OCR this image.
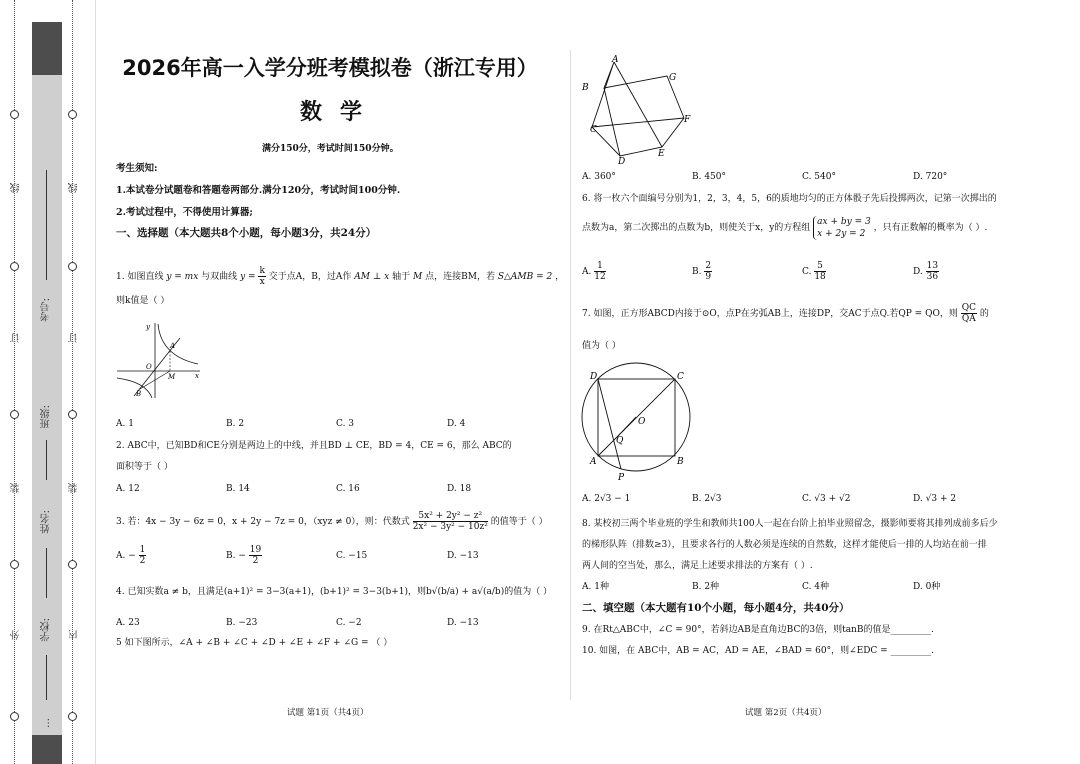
线
订
装
外
线
订
装
内
考号:
班级:
姓名:
学校:
…
2026年高一入学分班考模拟卷（浙江专用）
数学
满分150分，考试时间150分钟。
考生须知:
1.本试卷分试题卷和答题卷两部分.满分120分，考试时间100分钟.
2.考试过程中，不得使用计算器;
一、选择题（本大题共8个小题，每小题3分，共24分）
1. 如图直线 y = mx 与双曲线 $y = \frac{k}{x}$ 交于点A，B，过A作 AM ⊥ x 轴于 M 点，连接BM，若 S△AMB = 2 ，
则k值是（ ）
y
A
O
M	x
B
A. 1	B. 2	C. 3	D. 4
2. ABC中，已知BD和CE分别是两边上的中线，并且BD ⊥ CE，BD = 4，CE = 6，那么 ABC的
面积等于（ ）
A. 12	B. 14	C. 16	D. 18
3. 若：4x − 3y − 6z = 0，x + 2y − 7z = 0，（xyz ≠ 0），则：代数式 $\frac{\text{5x² + 2y² − z²}}{\text{2x² − 3y² − 10z²}}$ 的值等于（ ）
A. − $\frac{1}{2}$	B. − $\frac{19}{2}$	C. −15	D. −13
4. 已知实数a ≠ b，且满足(a+1)² = 3−3(a+1)，(b+1)² = 3−3(b+1)，则b√(b/a) + a√(a/b)的值为（ ）
A. 23	B. −23	C. −2	D. −13
5 如下图所示，∠A + ∠B + ∠C + ∠D + ∠E + ∠F + ∠G = （ ）
试题 第1页（共4页）	试题 第2页（共4页）
A
B
C
D
E
F
G
A. 360°	B. 450°	C. 540°	D. 720°
6. 将一枚六个面编号分别为1，2，3，4，5，6的质地均匀的正方体骰子先后投掷两次，记第一次掷出的
点数为a，第二次掷出的点数为b，则使关于x，y的方程组
ax + by = 3
x + 2y = 2
，只有正数解的概率为（ ）.
A. $\frac{1}{12}$	B. $\frac{2}{9}$	C. $\frac{5}{18}$	D. $\frac{13}{36}$
7. 如图，正方形ABCD内接于⊙O，点P在劣弧AB上，连接DP，交AC于点Q.若QP = QO，则 $\frac{QC}{QA}$ 的
值为（ ）
D	C
O
Q
A	B
P
A. 2√3 − 1	B. 2√3	C. √3 + √2	D. √3 + 2
8. 某校初三两个毕业班的学生和教师共100人一起在台阶上拍毕业照留念，摄影师要将其排列成前多后少
的梯形队阵（排数≥3），且要求各行的人数必须是连续的自然数，这样才能使后一排的人均站在前一排
两人间的空当处，那么，满足上述要求排法的方案有（ ）.
A. 1种	B. 2种	C. 4种	D. 0种
二、填空题（本大题有10个小题，每小题4分，共40分）
9. 在Rt△ABC中，∠C = 90°，若斜边AB是直角边BC的3倍，则tanB的值是_________.
10. 如图，在 ABC中，AB = AC，AD = AE，∠BAD = 60°，则∠EDC = _________.
